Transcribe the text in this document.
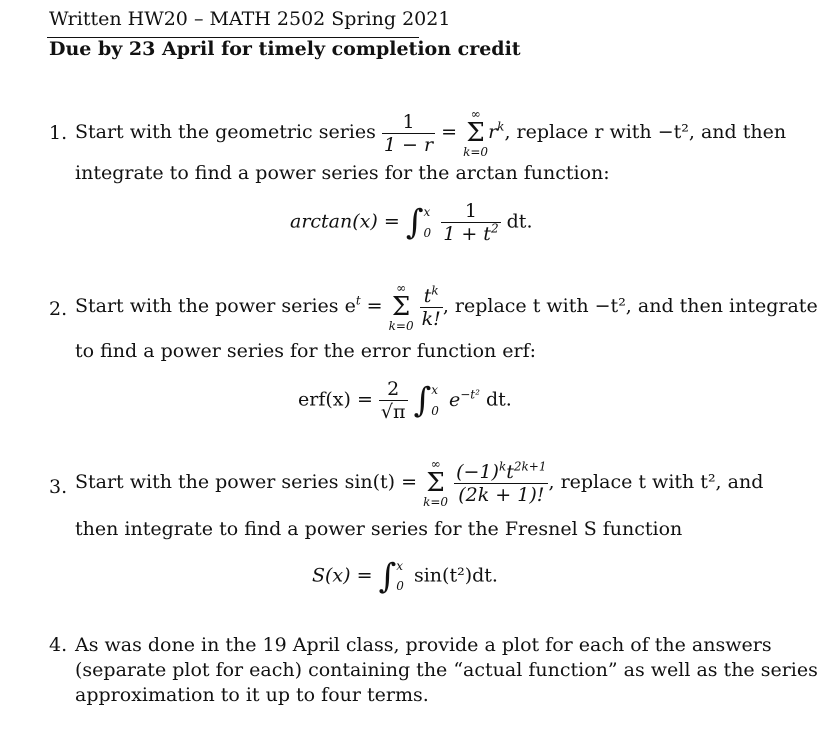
Written HW20 – MATH 2502 Spring 2021
Due by 23 April for timely completion credit
1. Start with the geometric series $\frac{1}{1 - r}$ =
∞
Σ
k=0
$r^k$, replace r with −t², and then
integrate to find a power series for the arctan function:
arctan(x) = ∫x
$0 \frac{1}{1 + t^2}$ dt.
2. Start with the power series $e^t$ =
∞
Σ
k=0
$\frac{t^k}{k!}$ , replace t with −t², and then integrate
to find a power series for the error function erf:
$erf(x) = \frac{2}{√\pi} \int x$
0 $e^{-t^2}$ dt.
3. Start with the power series sin(t) =
∞
Σ
k=0
$\frac{(-1)^kt^{2k+1}}{(2k + 1)!}$ , replace t with t², and
then integrate to find a power series for the Fresnel S function
S(x) = ∫x
0 sin(t²)dt.
4. As was done in the 19 April class, provide a plot for each of the answers
(separate plot for each) containing the “actual function” as well as the series
approximation to it up to four terms.
